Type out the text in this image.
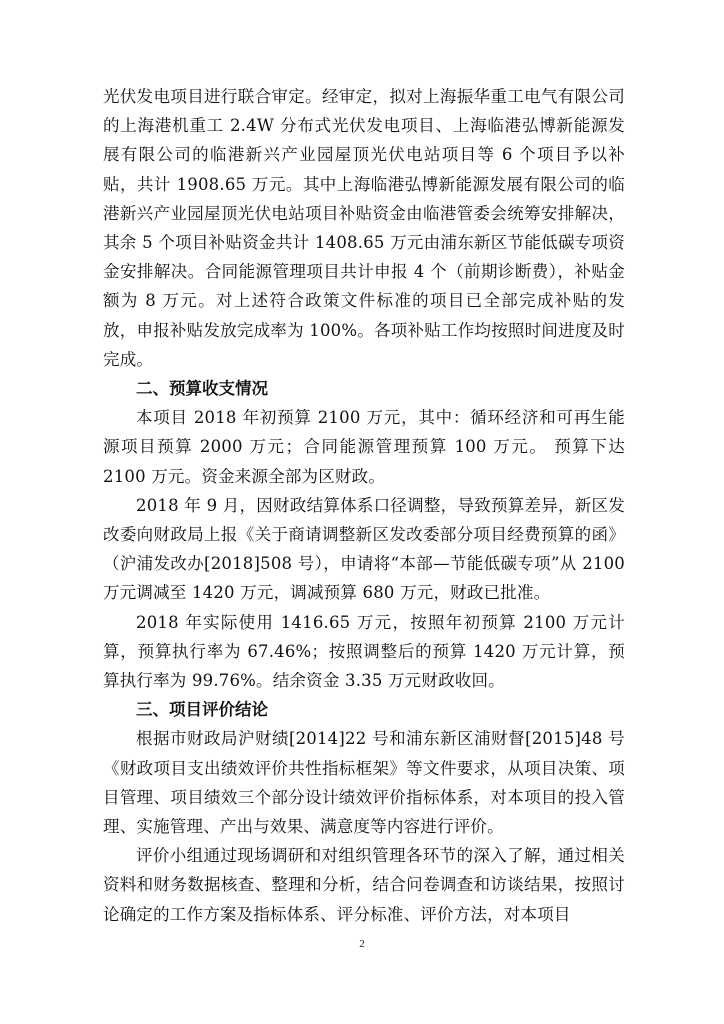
光伏发电项目进行联合审定。经审定，拟对上海振华重工电气有限公司的上海港机重工 2.4W 分布式光伏发电项目、上海临港弘博新能源发展有限公司的临港新兴产业园屋顶光伏电站项目等 6 个项目予以补贴，共计 1908.65 万元。其中上海临港弘博新能源发展有限公司的临港新兴产业园屋顶光伏电站项目补贴资金由临港管委会统筹安排解决，其余 5 个项目补贴资金共计 1408.65 万元由浦东新区节能低碳专项资金安排解决。合同能源管理项目共计申报 4 个（前期诊断费），补贴金额为 8 万元。对上述符合政策文件标准的项目已全部完成补贴的发放，申报补贴发放完成率为 100%。各项补贴工作均按照时间进度及时完成。

二、预算收支情况

本项目 2018 年初预算 2100 万元，其中：循环经济和可再生能源项目预算 2000 万元；合同能源管理预算 100 万元。 预算下达 2100 万元。资金来源全部为区财政。

2018 年 9 月，因财政结算体系口径调整，导致预算差异，新区发改委向财政局上报《关于商请调整新区发改委部分项目经费预算的函》（沪浦发改办[2018]508 号），申请将“本部—节能低碳专项”从 2100 万元调减至 1420 万元，调减预算 680 万元，财政已批准。

2018 年实际使用 1416.65 万元，按照年初预算 2100 万元计算，预算执行率为 67.46%；按照调整后的预算 1420 万元计算，预算执行率为 99.76%。结余资金 3.35 万元财政收回。

三、项目评价结论

根据市财政局沪财绩[2014]22 号和浦东新区浦财督[2015]48 号《财政项目支出绩效评价共性指标框架》等文件要求，从项目决策、项目管理、项目绩效三个部分设计绩效评价指标体系，对本项目的投入管理、实施管理、产出与效果、满意度等内容进行评价。

评价小组通过现场调研和对组织管理各环节的深入了解，通过相关资料和财务数据核查、整理和分析，结合问卷调查和访谈结果，按照讨论确定的工作方案及指标体系、评分标准、评价方法，对本项目

2
